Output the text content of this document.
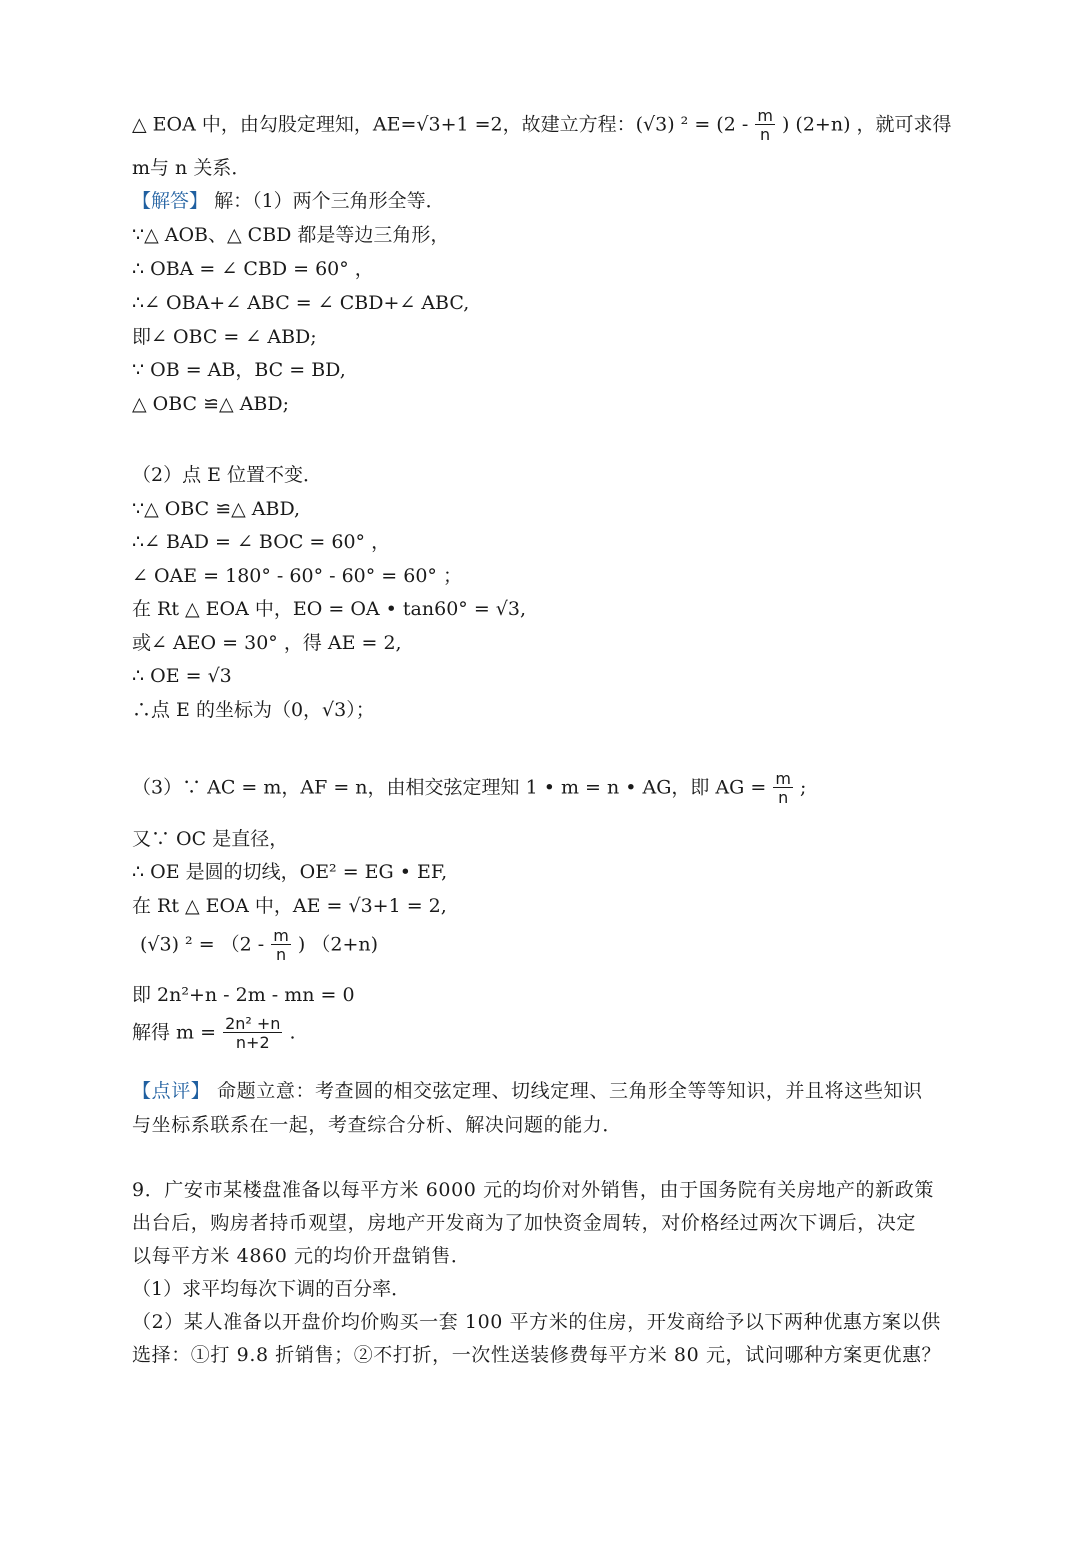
△ EOA 中，由勾股定理知，AE=√3+1 =2，故建立方程：(√3) $^2 = (2 - \frac{m}{n}$ ) (2+n) ，就可求得
m与 n 关系．
【解答】 解：（1）两个三角形全等．
∵△ AOB、△ CBD 都是等边三角形，
∴ OBA = ∠ CBD = 60° ，
∴∠ OBA+∠ ABC = ∠ CBD+∠ ABC,
即∠ OBC = ∠ ABD;
∵ OB = AB，BC = BD,
△ OBC ≌△ ABD;
（2）点 E 位置不变．
∵△ OBC ≌△ ABD,
∴∠ BAD = ∠ BOC = 60° ，
∠ OAE = 180° - 60° - 60° = 60° ；
在 Rt △ EOA 中，EO = OA • tan60° = √3,
或∠ AEO = 30° ，得 AE = 2,
∴ OE = √3
∴点 E 的坐标为（0，√3）；
（3）∵ AC = m，AF = n，由相交弦定理知 1 • m = n • AG，即 AG = $\frac{m}{n}$ ;
又∵ OC 是直径，
∴ OE 是圆的切线，OE² = EG • EF,
在 Rt △ EOA 中，AE = √3+1 = 2,
(√3) $^2 = (2 - \frac{m}{n}$ ) （2+n)
即 2n²+n - 2m - mn = 0
解得 $m = \frac{\text{2n² +n}}{n+2}$ .
【点评】 命题立意：考查圆的相交弦定理、切线定理、三角形全等等知识，并且将这些知识
与坐标系联系在一起，考查综合分析、解决问题的能力．
9．广安市某楼盘准备以每平方米 6000 元的均价对外销售，由于国务院有关房地产的新政策
出台后，购房者持币观望，房地产开发商为了加快资金周转，对价格经过两次下调后，决定
以每平方米 4860 元的均价开盘销售．
（1）求平均每次下调的百分率．
（2）某人准备以开盘价均价购买一套 100 平方米的住房，开发商给予以下两种优惠方案以供
选择：①打 9.8 折销售；②不打折，一次性送装修费每平方米 80 元，试问哪种方案更优惠？
